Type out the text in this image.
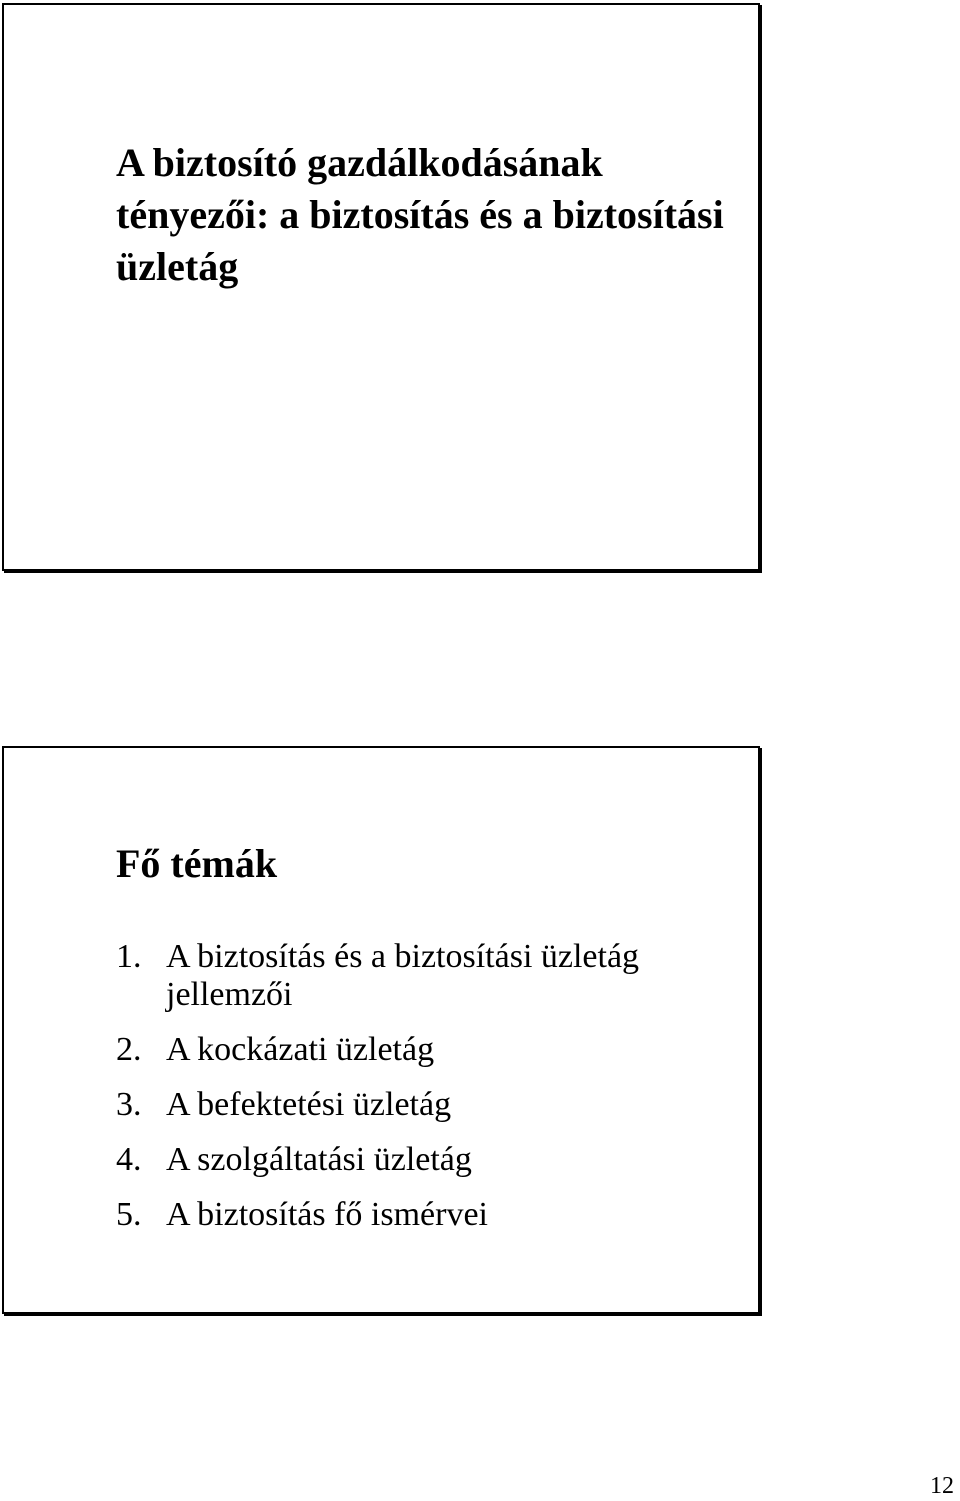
A biztosító gazdálkodásának tényezői: a biztosítás és a biztosítási üzletág
Fő témák
1. A biztosítás és a biztosítási üzletág jellemzői
2. A kockázati üzletág
3. A befektetési üzletág
4. A szolgáltatási üzletág
5. A biztosítás fő ismérvei
12
